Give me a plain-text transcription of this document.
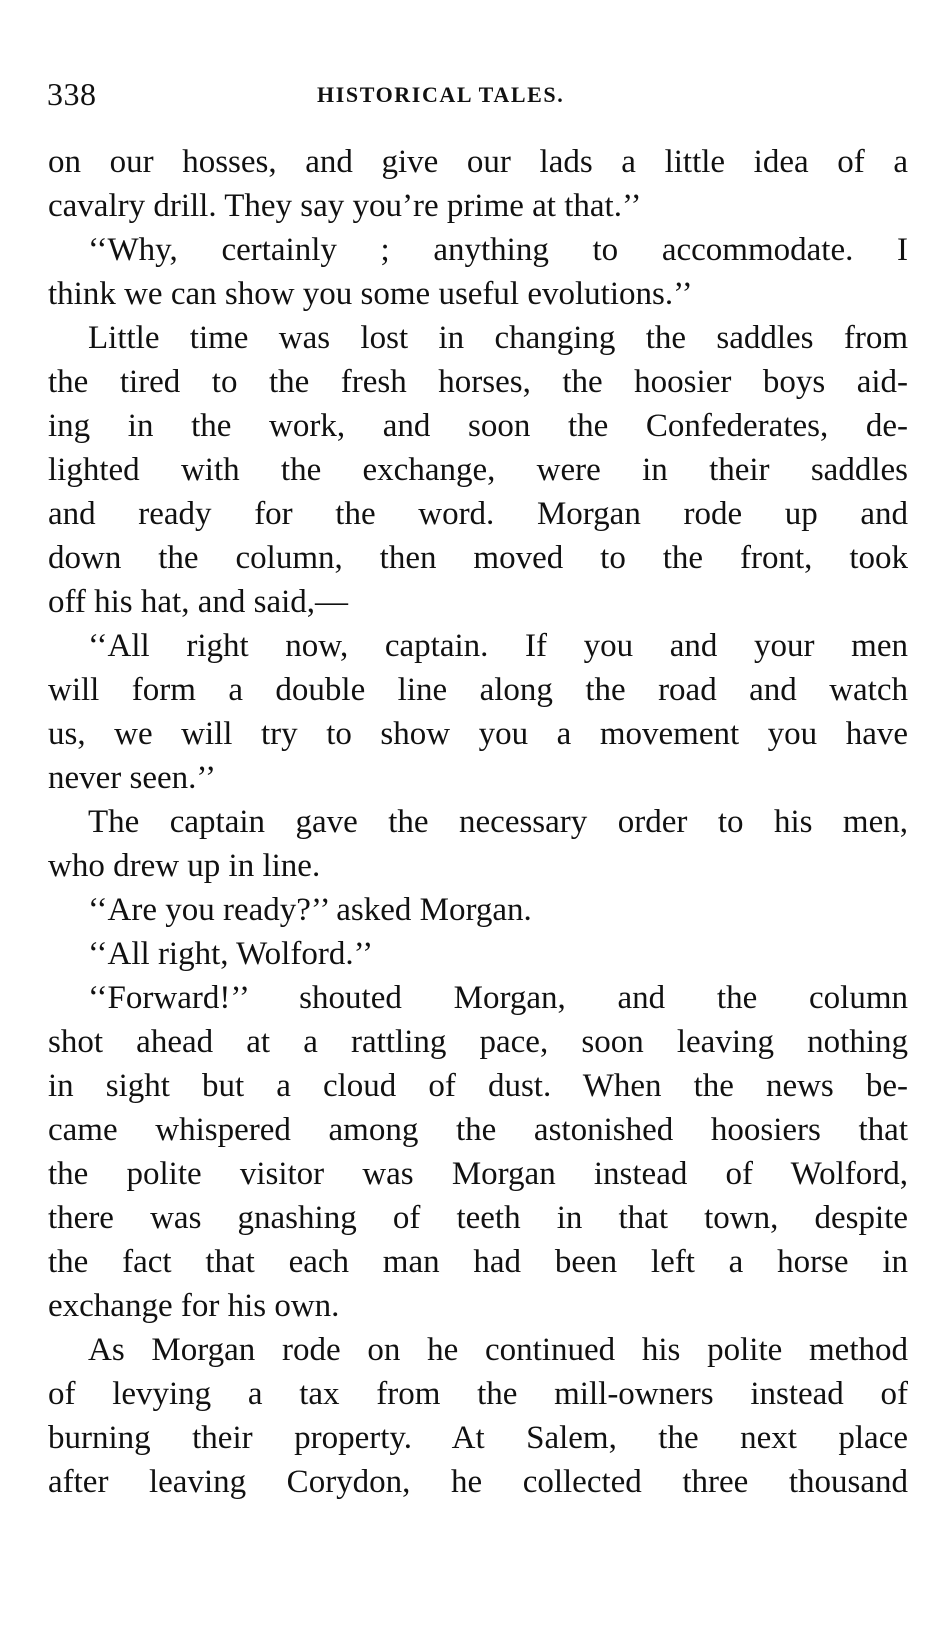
338	HISTORICAL TALES.
on our hosses, and give our lads a little idea of a
cavalry drill. They say you’re prime at that.’’
‘‘Why, certainly ; anything to accommodate. I
think we can show you some useful evolutions.’’
Little time was lost in changing the saddles from
the tired to the fresh horses, the hoosier boys aid-
ing in the work, and soon the Confederates, de-
lighted with the exchange, were in their saddles
and ready for the word. Morgan rode up and
down the column, then moved to the front, took
off his hat, and said,—
‘‘All right now, captain. If you and your men
will form a double line along the road and watch
us, we will try to show you a movement you have
never seen.’’
The captain gave the necessary order to his men,
who drew up in line.
‘‘Are you ready?’’ asked Morgan.
‘‘All right, Wolford.’’
‘‘Forward!’’ shouted Morgan, and the column
shot ahead at a rattling pace, soon leaving nothing
in sight but a cloud of dust. When the news be-
came whispered among the astonished hoosiers that
the polite visitor was Morgan instead of Wolford,
there was gnashing of teeth in that town, despite
the fact that each man had been left a horse in
exchange for his own.
As Morgan rode on he continued his polite method
of levying a tax from the mill-owners instead of
burning their property. At Salem, the next place
after leaving Corydon, he collected three thousand
